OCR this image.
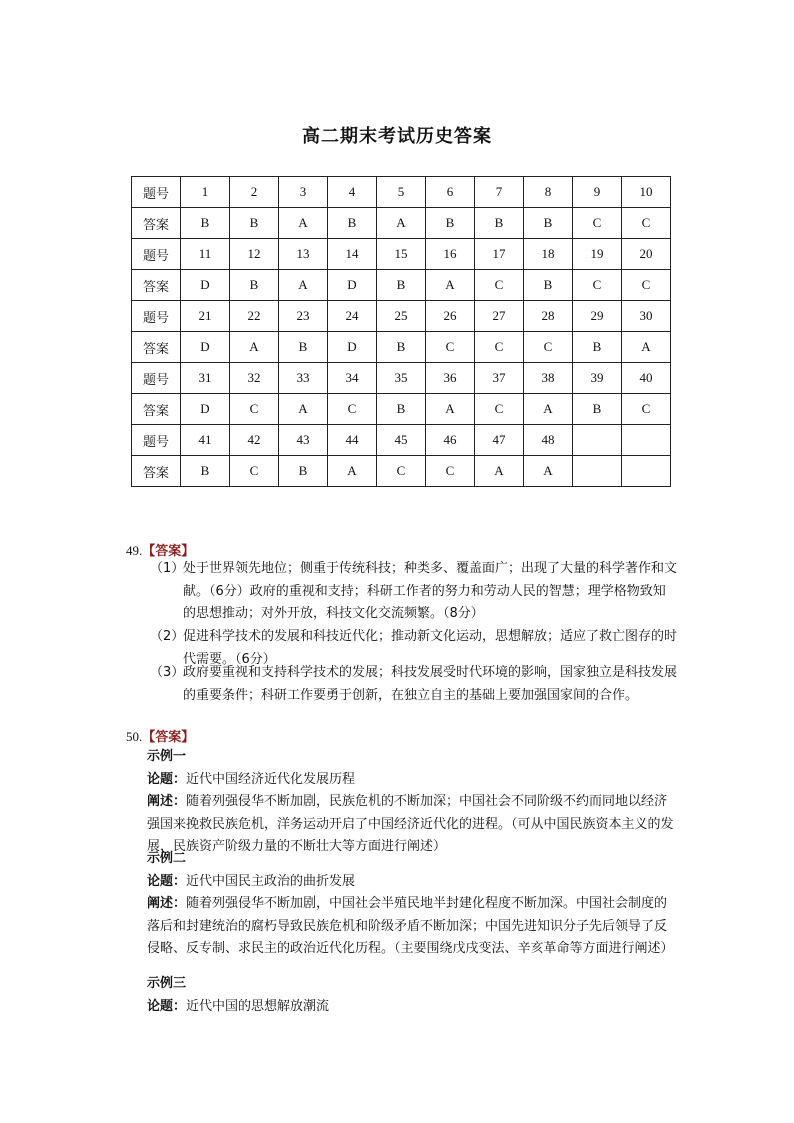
高二期末考试历史答案
题号	1	2	3	4	5	6	7	8	9	10
答案	B	B	A	B	A	B	B	B	C	C
题号	11	12	13	14	15	16	17	18	19	20
答案	D	B	A	D	B	A	C	B	C	C
题号	21	22	23	24	25	26	27	28	29	30
答案	D	A	B	D	B	C	C	C	B	A
题号	31	32	33	34	35	36	37	38	39	40
答案	D	C	A	C	B	A	C	A	B	C
题号	41	42	43	44	45	46	47	48		
答案	B	C	B	A	C	C	A	A		
49.【答案】
（1）
处于世界领先地位；侧重于传统科技；种类多、覆盖面广；出现了大量的科学著作和文献。（6分）政府的重视和支持；科研工作者的努力和劳动人民的智慧；理学格物致知的思想推动；对外开放，科技文化交流频繁。（8分）
（2）
促进科学技术的发展和科技近代化；推动新文化运动，思想解放；适应了救亡图存的时代需要。（6分）
（3）
政府要重视和支持科学技术的发展；科技发展受时代环境的影响，国家独立是科技发展的重要条件；科研工作要勇于创新，在独立自主的基础上要加强国家间的合作。
50.【答案】

示例一

论题：近代中国经济近代化发展历程

阐述：随着列强侵华不断加剧，民族危机的不断加深；中国社会不同阶级不约而同地以经济强国来挽救民族危机，洋务运动开启了中国经济近代化的进程。（可从中国民族资本主义的发展，民族资产阶级力量的不断壮大等方面进行阐述）

示例二

论题：近代中国民主政治的曲折发展

阐述：随着列强侵华不断加剧，中国社会半殖民地半封建化程度不断加深。中国社会制度的落后和封建统治的腐朽导致民族危机和阶级矛盾不断加深；中国先进知识分子先后领导了反侵略、反专制、求民主的政治近代化历程。（主要围绕戊戌变法、辛亥革命等方面进行阐述）

示例三

论题：近代中国的思想解放潮流
